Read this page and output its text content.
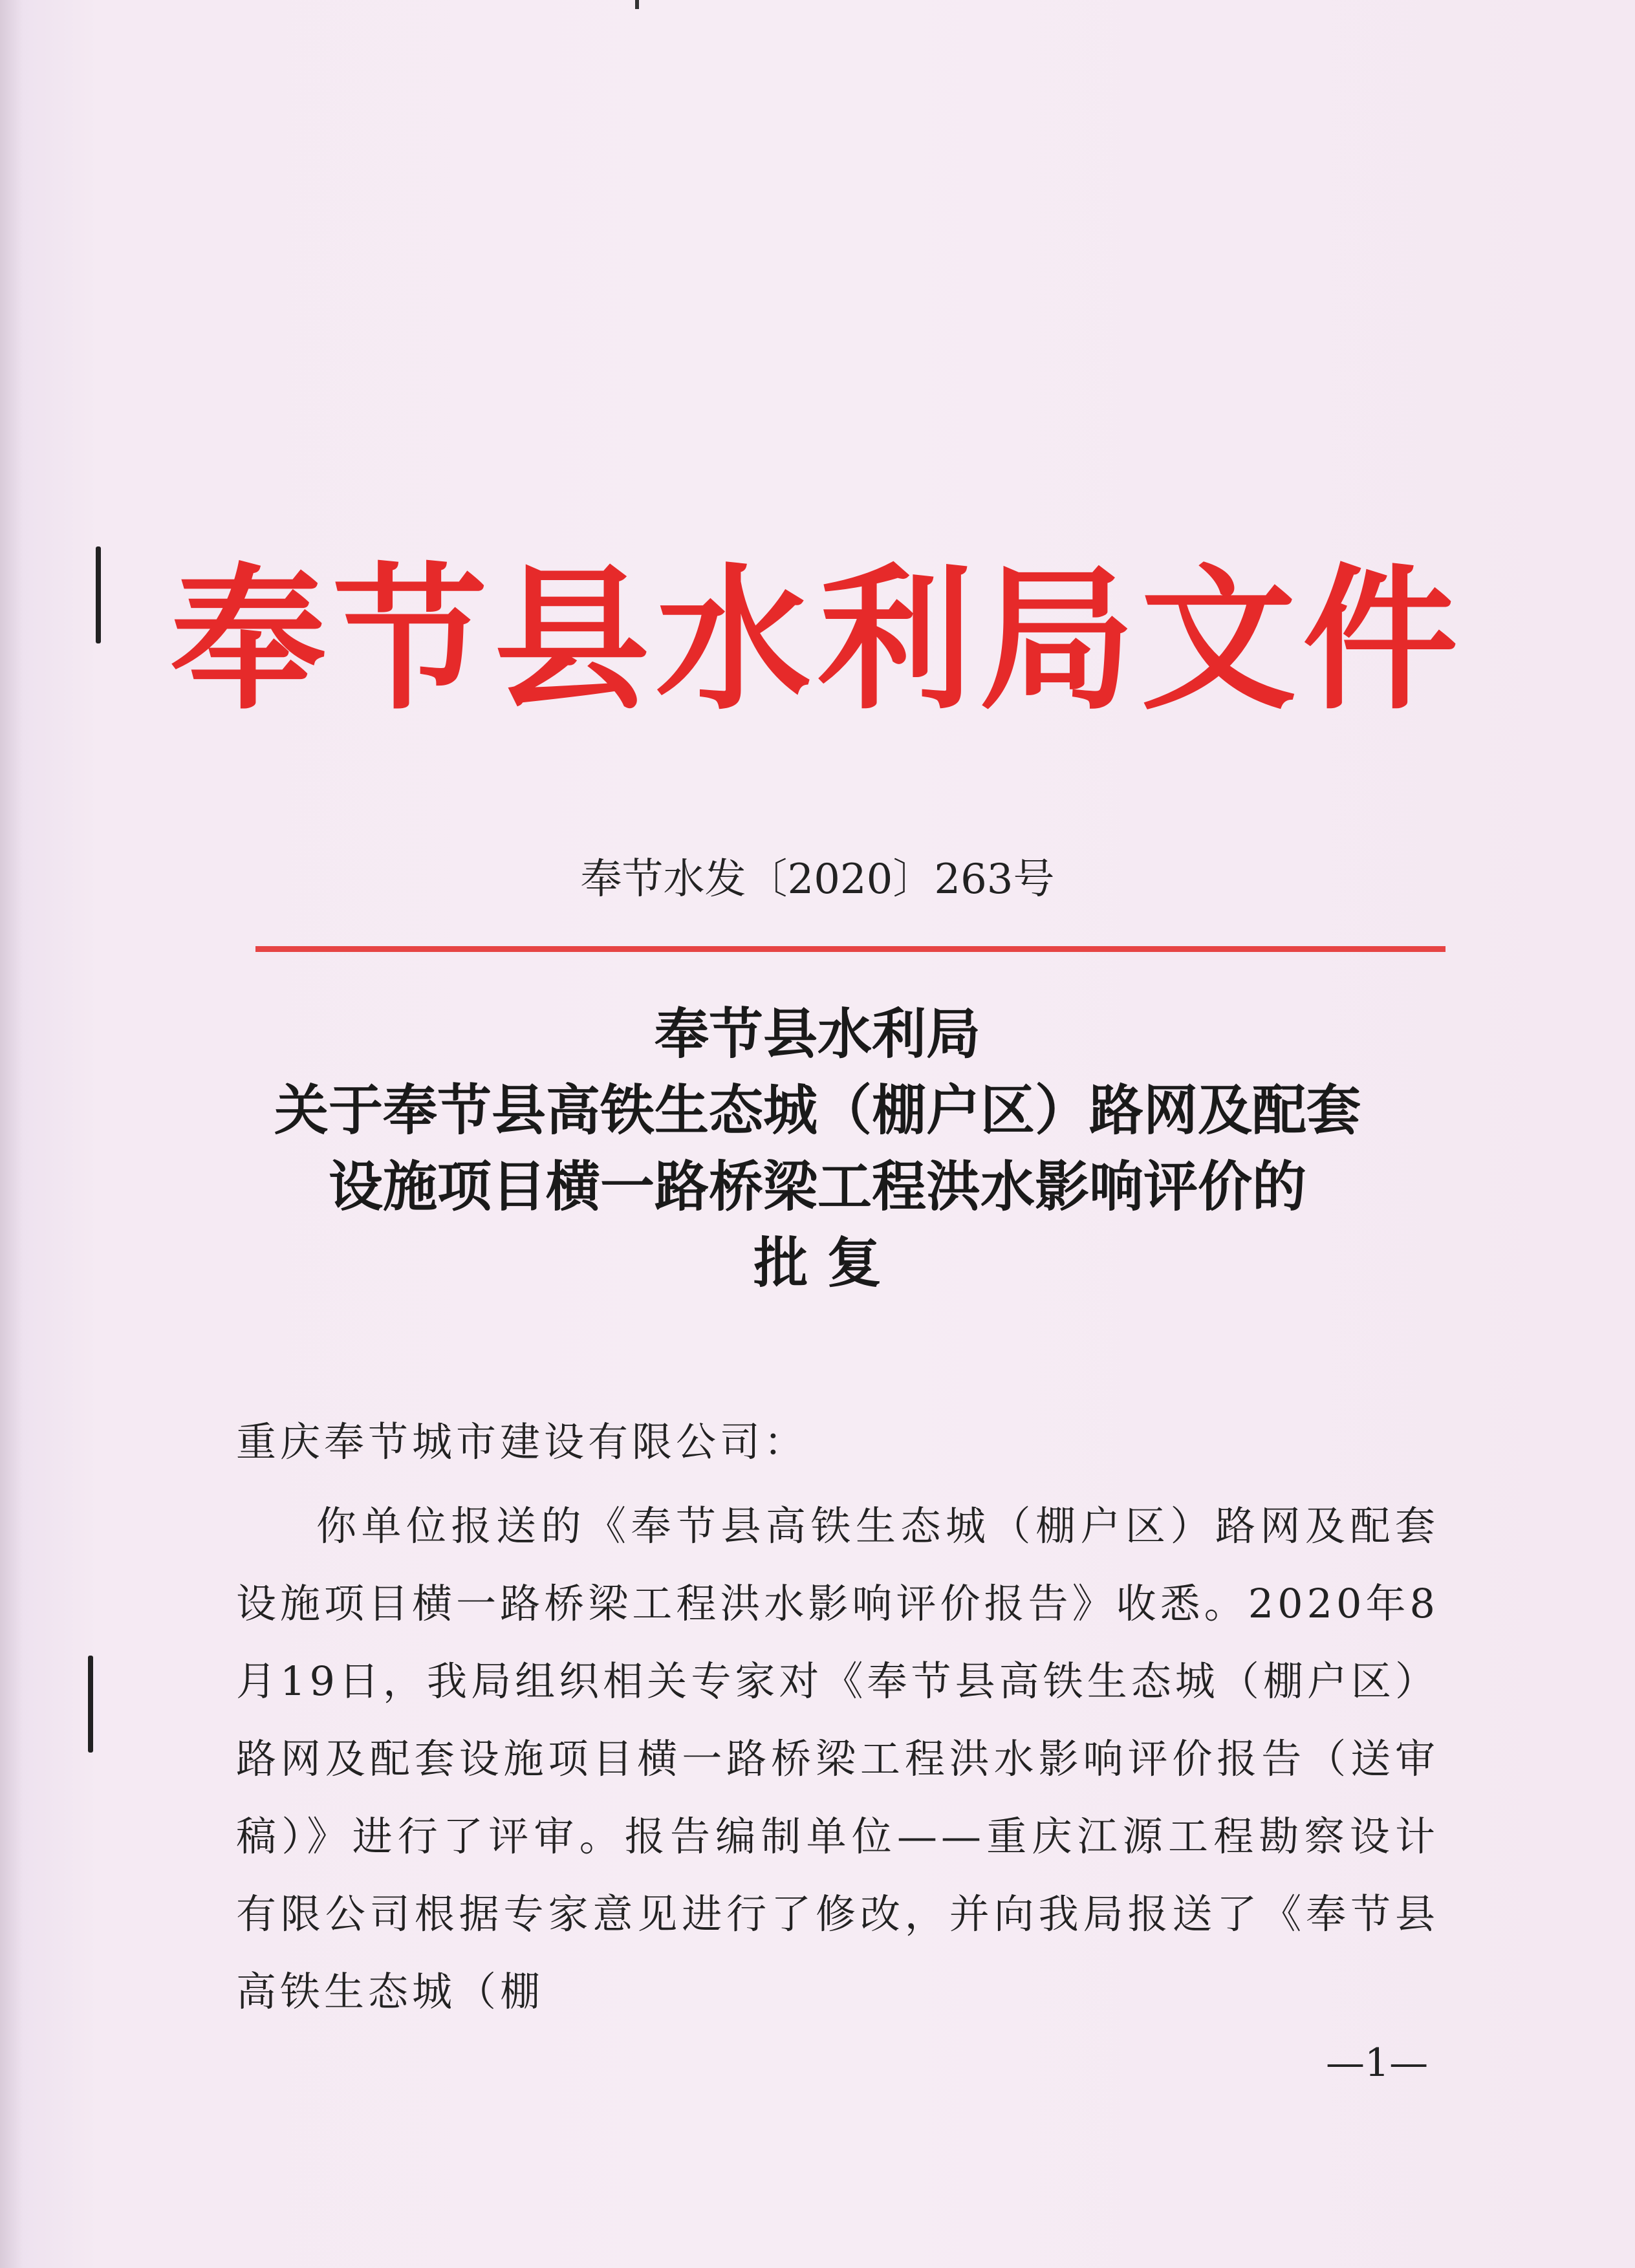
奉节县水利局文件
奉节水发〔2020〕263号
奉节县水利局
关于奉节县高铁生态城（棚户区）路网及配套
设施项目横一路桥梁工程洪水影响评价的
批 复
重庆奉节城市建设有限公司：
你单位报送的《奉节县高铁生态城（棚户区）路网及配套设施项目横一路桥梁工程洪水影响评价报告》收悉。2020年8月19日，我局组织相关专家对《奉节县高铁生态城（棚户区）路网及配套设施项目横一路桥梁工程洪水影响评价报告（送审稿）》进行了评审。报告编制单位——重庆江源工程勘察设计有限公司根据专家意见进行了修改，并向我局报送了《奉节县高铁生态城（棚
—1—
